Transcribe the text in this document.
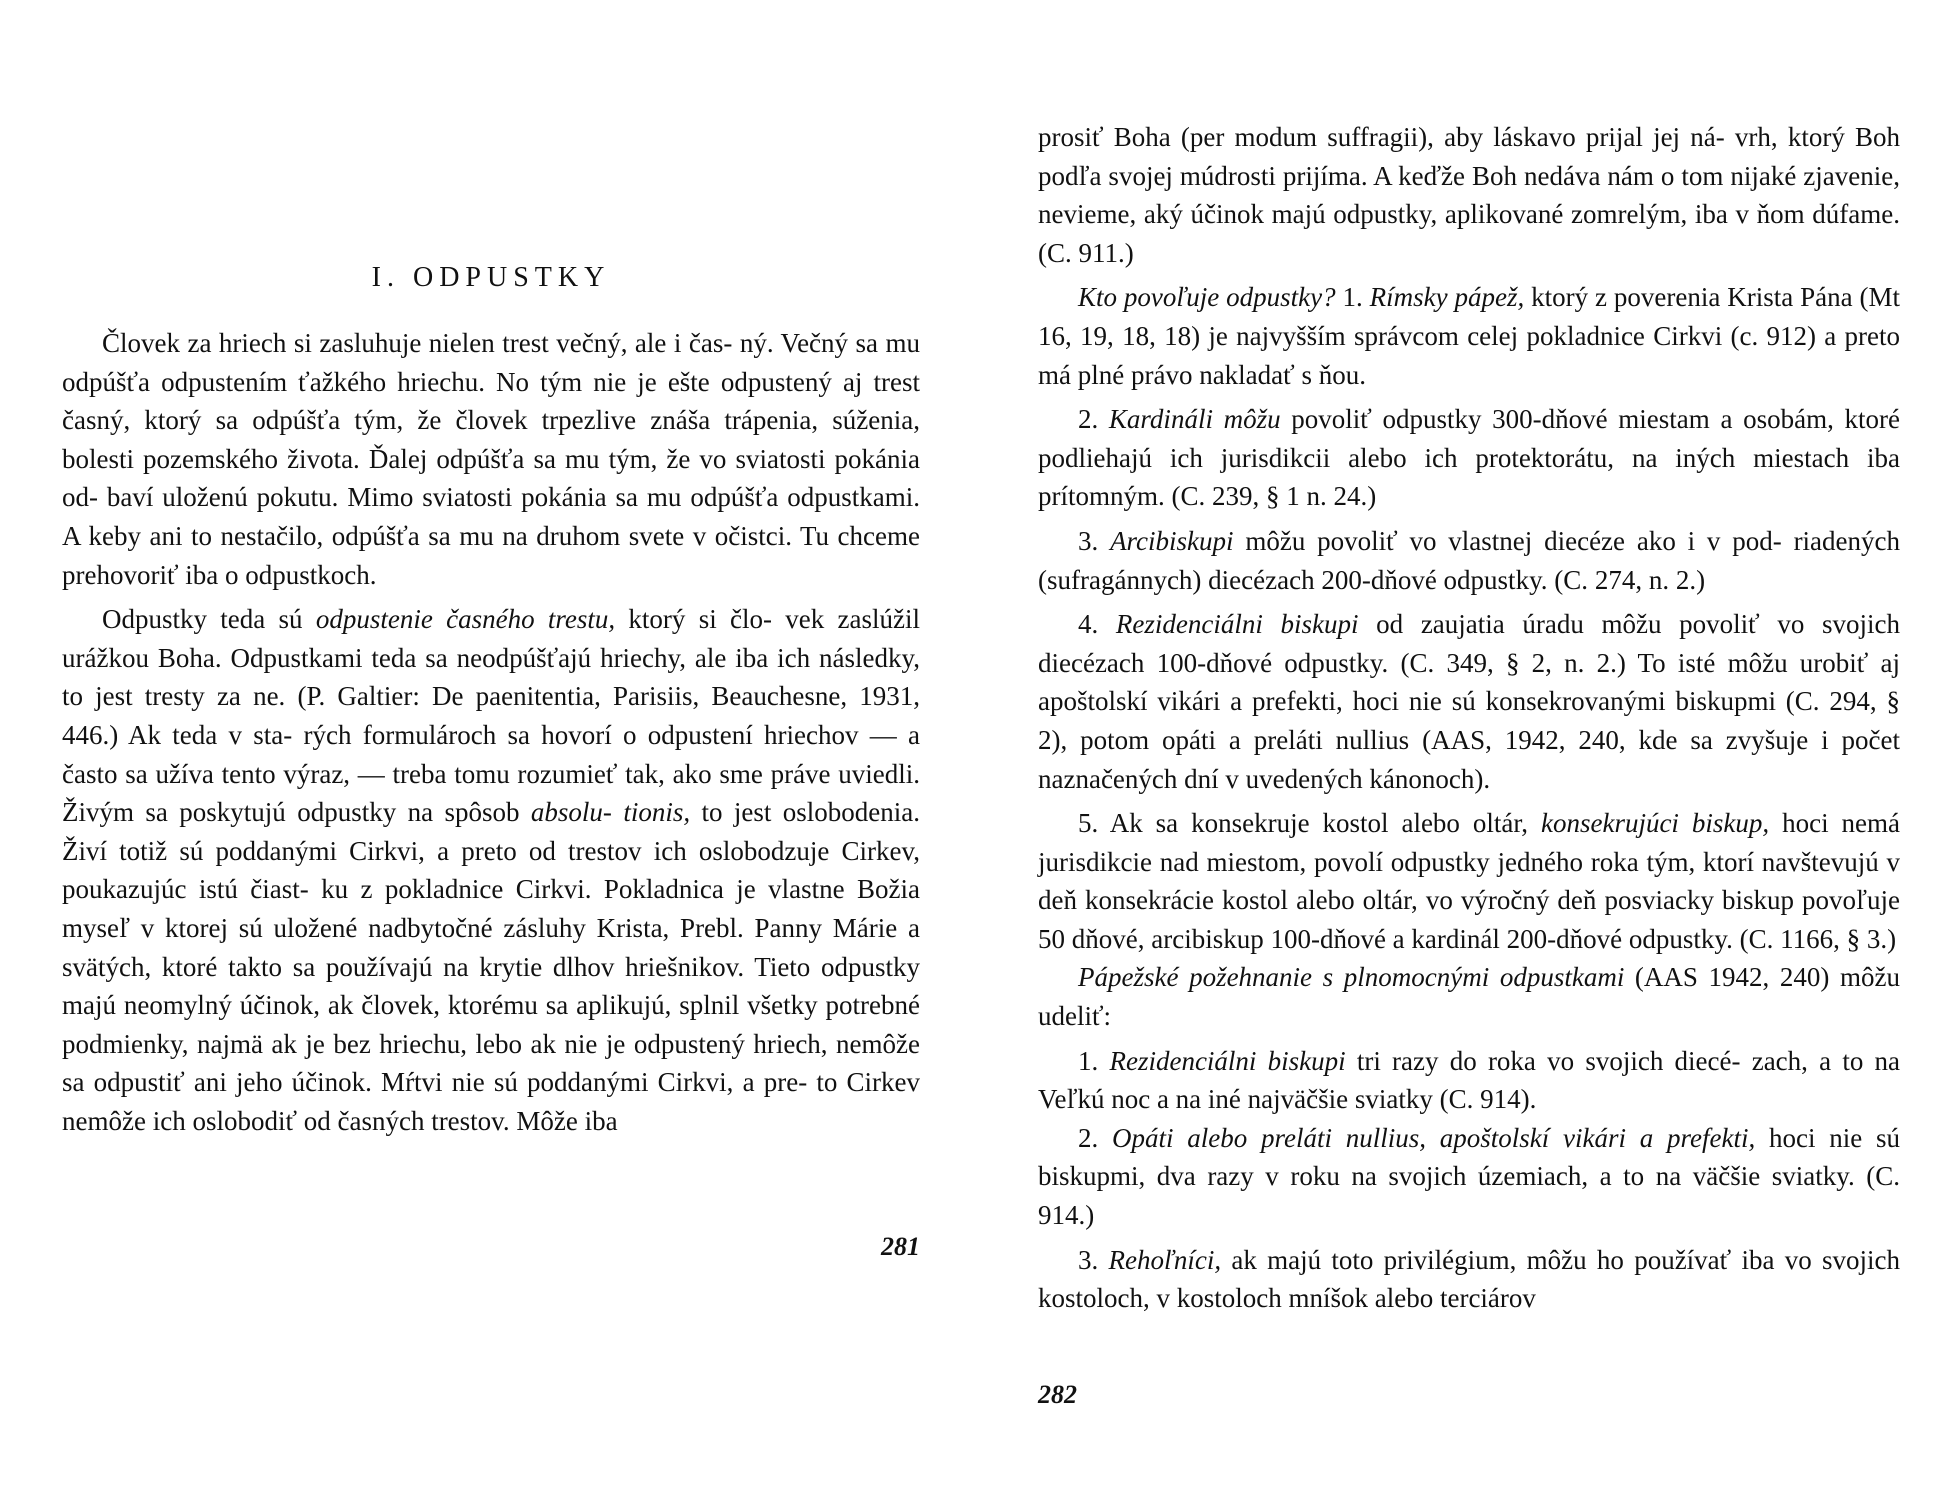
I. ODPUSTKY

Človek za hriech si zasluhuje nielen trest večný, ale i čas- ný. Večný sa mu odpúšťa odpustením ťažkého hriechu. No tým nie je ešte odpustený aj trest časný, ktorý sa odpúšťa tým, že človek trpezlive znáša trápenia, súženia, bolesti pozemského života. Ďalej odpúšťa sa mu tým, že vo sviatosti pokánia od- baví uloženú pokutu. Mimo sviatosti pokánia sa mu odpúšťa odpustkami. A keby ani to nestačilo, odpúšťa sa mu na druhom svete v očistci. Tu chceme prehovoriť iba o odpustkoch.

Odpustky teda sú odpustenie časného trestu, ktorý si člo- vek zaslúžil urážkou Boha. Odpustkami teda sa neodpúšťajú hriechy, ale iba ich následky, to jest tresty za ne. (P. Galtier: De paenitentia, Parisiis, Beauchesne, 1931, 446.) Ak teda v sta- rých formulároch sa hovorí o odpustení hriechov — a často sa užíva tento výraz, — treba tomu rozumieť tak, ako sme práve uviedli. Živým sa poskytujú odpustky na spôsob absolu- tionis, to jest oslobodenia. Živí totiž sú poddanými Cirkvi, a preto od trestov ich oslobodzuje Cirkev, poukazujúc istú čiast- ku z pokladnice Cirkvi. Pokladnica je vlastne Božia myseľ v ktorej sú uložené nadbytočné zásluhy Krista, Prebl. Panny Márie a svätých, ktoré takto sa používajú na krytie dlhov hriešnikov. Tieto odpustky majú neomylný účinok, ak človek, ktorému sa aplikujú, splnil všetky potrebné podmienky, najmä ak je bez hriechu, lebo ak nie je odpustený hriech, nemôže sa odpustiť ani jeho účinok. Mŕtvi nie sú poddanými Cirkvi, a pre- to Cirkev nemôže ich oslobodiť od časných trestov. Môže iba

281

prosiť Boha (per modum suffragii), aby láskavo prijal jej ná- vrh, ktorý Boh podľa svojej múdrosti prijíma. A keďže Boh nedáva nám o tom nijaké zjavenie, nevieme, aký účinok majú odpustky, aplikované zomrelým, iba v ňom dúfame. (C. 911.)

Kto povoľuje odpustky? 1. Rímsky pápež, ktorý z poverenia Krista Pána (Mt 16, 19, 18, 18) je najvyšším správcom celej pokladnice Cirkvi (c. 912) a preto má plné právo nakladať s ňou.

2. Kardináli môžu povoliť odpustky 300-dňové miestam a osobám, ktoré podliehajú ich jurisdikcii alebo ich protektorátu, na iných miestach iba prítomným. (C. 239, § 1 n. 24.)

3. Arcibiskupi môžu povoliť vo vlastnej diecéze ako i v pod- riadených (sufragánnych) diecézach 200-dňové odpustky. (C. 274, n. 2.)

4. Rezidenciálni biskupi od zaujatia úradu môžu povoliť vo svojich diecézach 100-dňové odpustky. (C. 349, § 2, n. 2.) To isté môžu urobiť aj apoštolskí vikári a prefekti, hoci nie sú konsekrovanými biskupmi (C. 294, § 2), potom opáti a preláti nullius (AAS, 1942, 240, kde sa zvyšuje i počet naznačených dní v uvedených kánonoch).

5. Ak sa konsekruje kostol alebo oltár, konsekrujúci biskup, hoci nemá jurisdikcie nad miestom, povolí odpustky jedného roka tým, ktorí navštevujú v deň konsekrácie kostol alebo oltár, vo výročný deň posviacky biskup povoľuje 50 dňové, arcibiskup 100-dňové a kardinál 200-dňové odpustky. (C. 1166, § 3.)

Pápežské požehnanie s plnomocnými odpustkami (AAS 1942, 240) môžu udeliť:

1. Rezidenciálni biskupi tri razy do roka vo svojich diecé- zach, a to na Veľkú noc a na iné najväčšie sviatky (C. 914).

2. Opáti alebo preláti nullius, apoštolskí vikári a prefekti, hoci nie sú biskupmi, dva razy v roku na svojich územiach, a to na väčšie sviatky. (C. 914.)

3. Rehoľníci, ak majú toto privilégium, môžu ho používať iba vo svojich kostoloch, v kostoloch mníšok alebo terciárov

282
